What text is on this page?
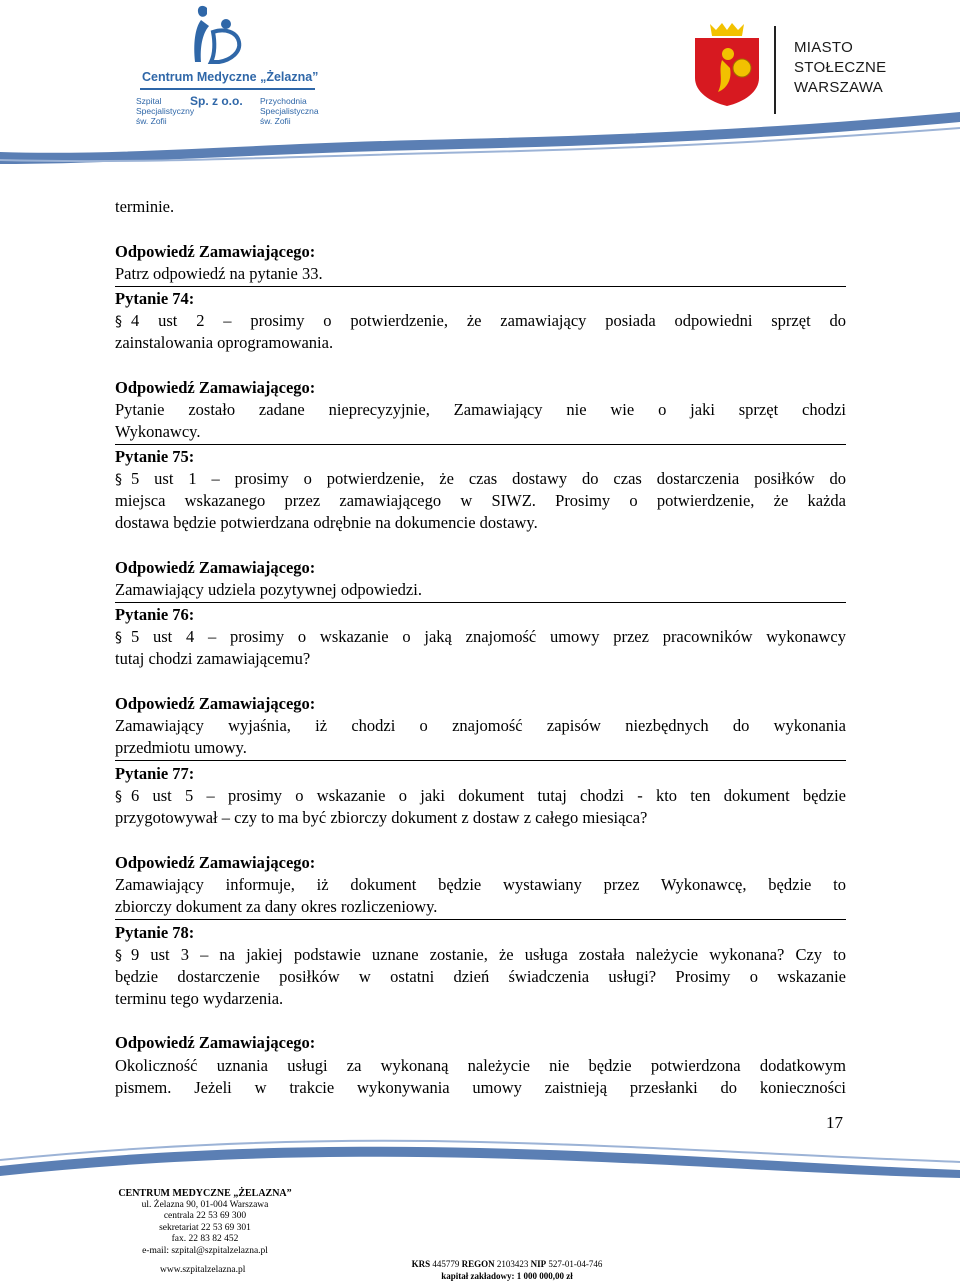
Centrum Medyczne „Żelazna”
Szpital
Specjalistyczny
św. Zofii
Sp. z o.o. Przychodnia
Specjalistyczna
św. Zofii
MIASTO
STOŁECZNE
WARSZAWA
terminie.
Odpowiedź Zamawiającego:
Patrz odpowiedź na pytanie 33.
Pytanie 74:
§ 4 ust 2 – prosimy o potwierdzenie, że zamawiający posiada odpowiedni sprzęt do
zainstalowania oprogramowania.
Odpowiedź Zamawiającego:
Pytanie zostało zadane nieprecyzyjnie, Zamawiający nie wie o jaki sprzęt chodzi
Wykonawcy.
Pytanie 75:
§ 5 ust 1 – prosimy o potwierdzenie, że czas dostawy do czas dostarczenia posiłków do
miejsca wskazanego przez zamawiającego w SIWZ. Prosimy o potwierdzenie, że każda
dostawa będzie potwierdzana odrębnie na dokumencie dostawy.
Odpowiedź Zamawiającego:
Zamawiający udziela pozytywnej odpowiedzi.
Pytanie 76:
§ 5 ust 4 – prosimy o wskazanie o jaką znajomość umowy przez pracowników wykonawcy
tutaj chodzi zamawiającemu?
Odpowiedź Zamawiającego:
Zamawiający wyjaśnia, iż chodzi o znajomość zapisów niezbędnych do wykonania
przedmiotu umowy.
Pytanie 77:
§ 6 ust 5 – prosimy o wskazanie o jaki dokument tutaj chodzi - kto ten dokument będzie
przygotowywał – czy to ma być zbiorczy dokument z dostaw z całego miesiąca?
Odpowiedź Zamawiającego:
Zamawiający informuje, iż dokument będzie wystawiany przez Wykonawcę, będzie to
zbiorczy dokument za dany okres rozliczeniowy.
Pytanie 78:
§ 9 ust 3 – na jakiej podstawie uznane zostanie, że usługa została należycie wykonana? Czy to
będzie dostarczenie posiłków w ostatni dzień świadczenia usługi? Prosimy o wskazanie
terminu tego wydarzenia.
Odpowiedź Zamawiającego:
Okoliczność uznania usługi za wykonaną należycie nie będzie potwierdzona dodatkowym
pismem. Jeżeli w trakcie wykonywania umowy zaistnieją przesłanki do konieczności
17
CENTRUM MEDYCZNE „ŻELAZNA”
ul. Żelazna 90, 01-004 Warszawa
centrala 22 53 69 300
sekretariat 22 53 69 301
fax. 22 83 82 452
e-mail: szpital@szpitalzelazna.pl
www.szpitalzelazna.pl
KRS 445779 REGON 2103423 NIP 527-01-04-746
kapitał zakładowy: 1 000 000,00 zł
